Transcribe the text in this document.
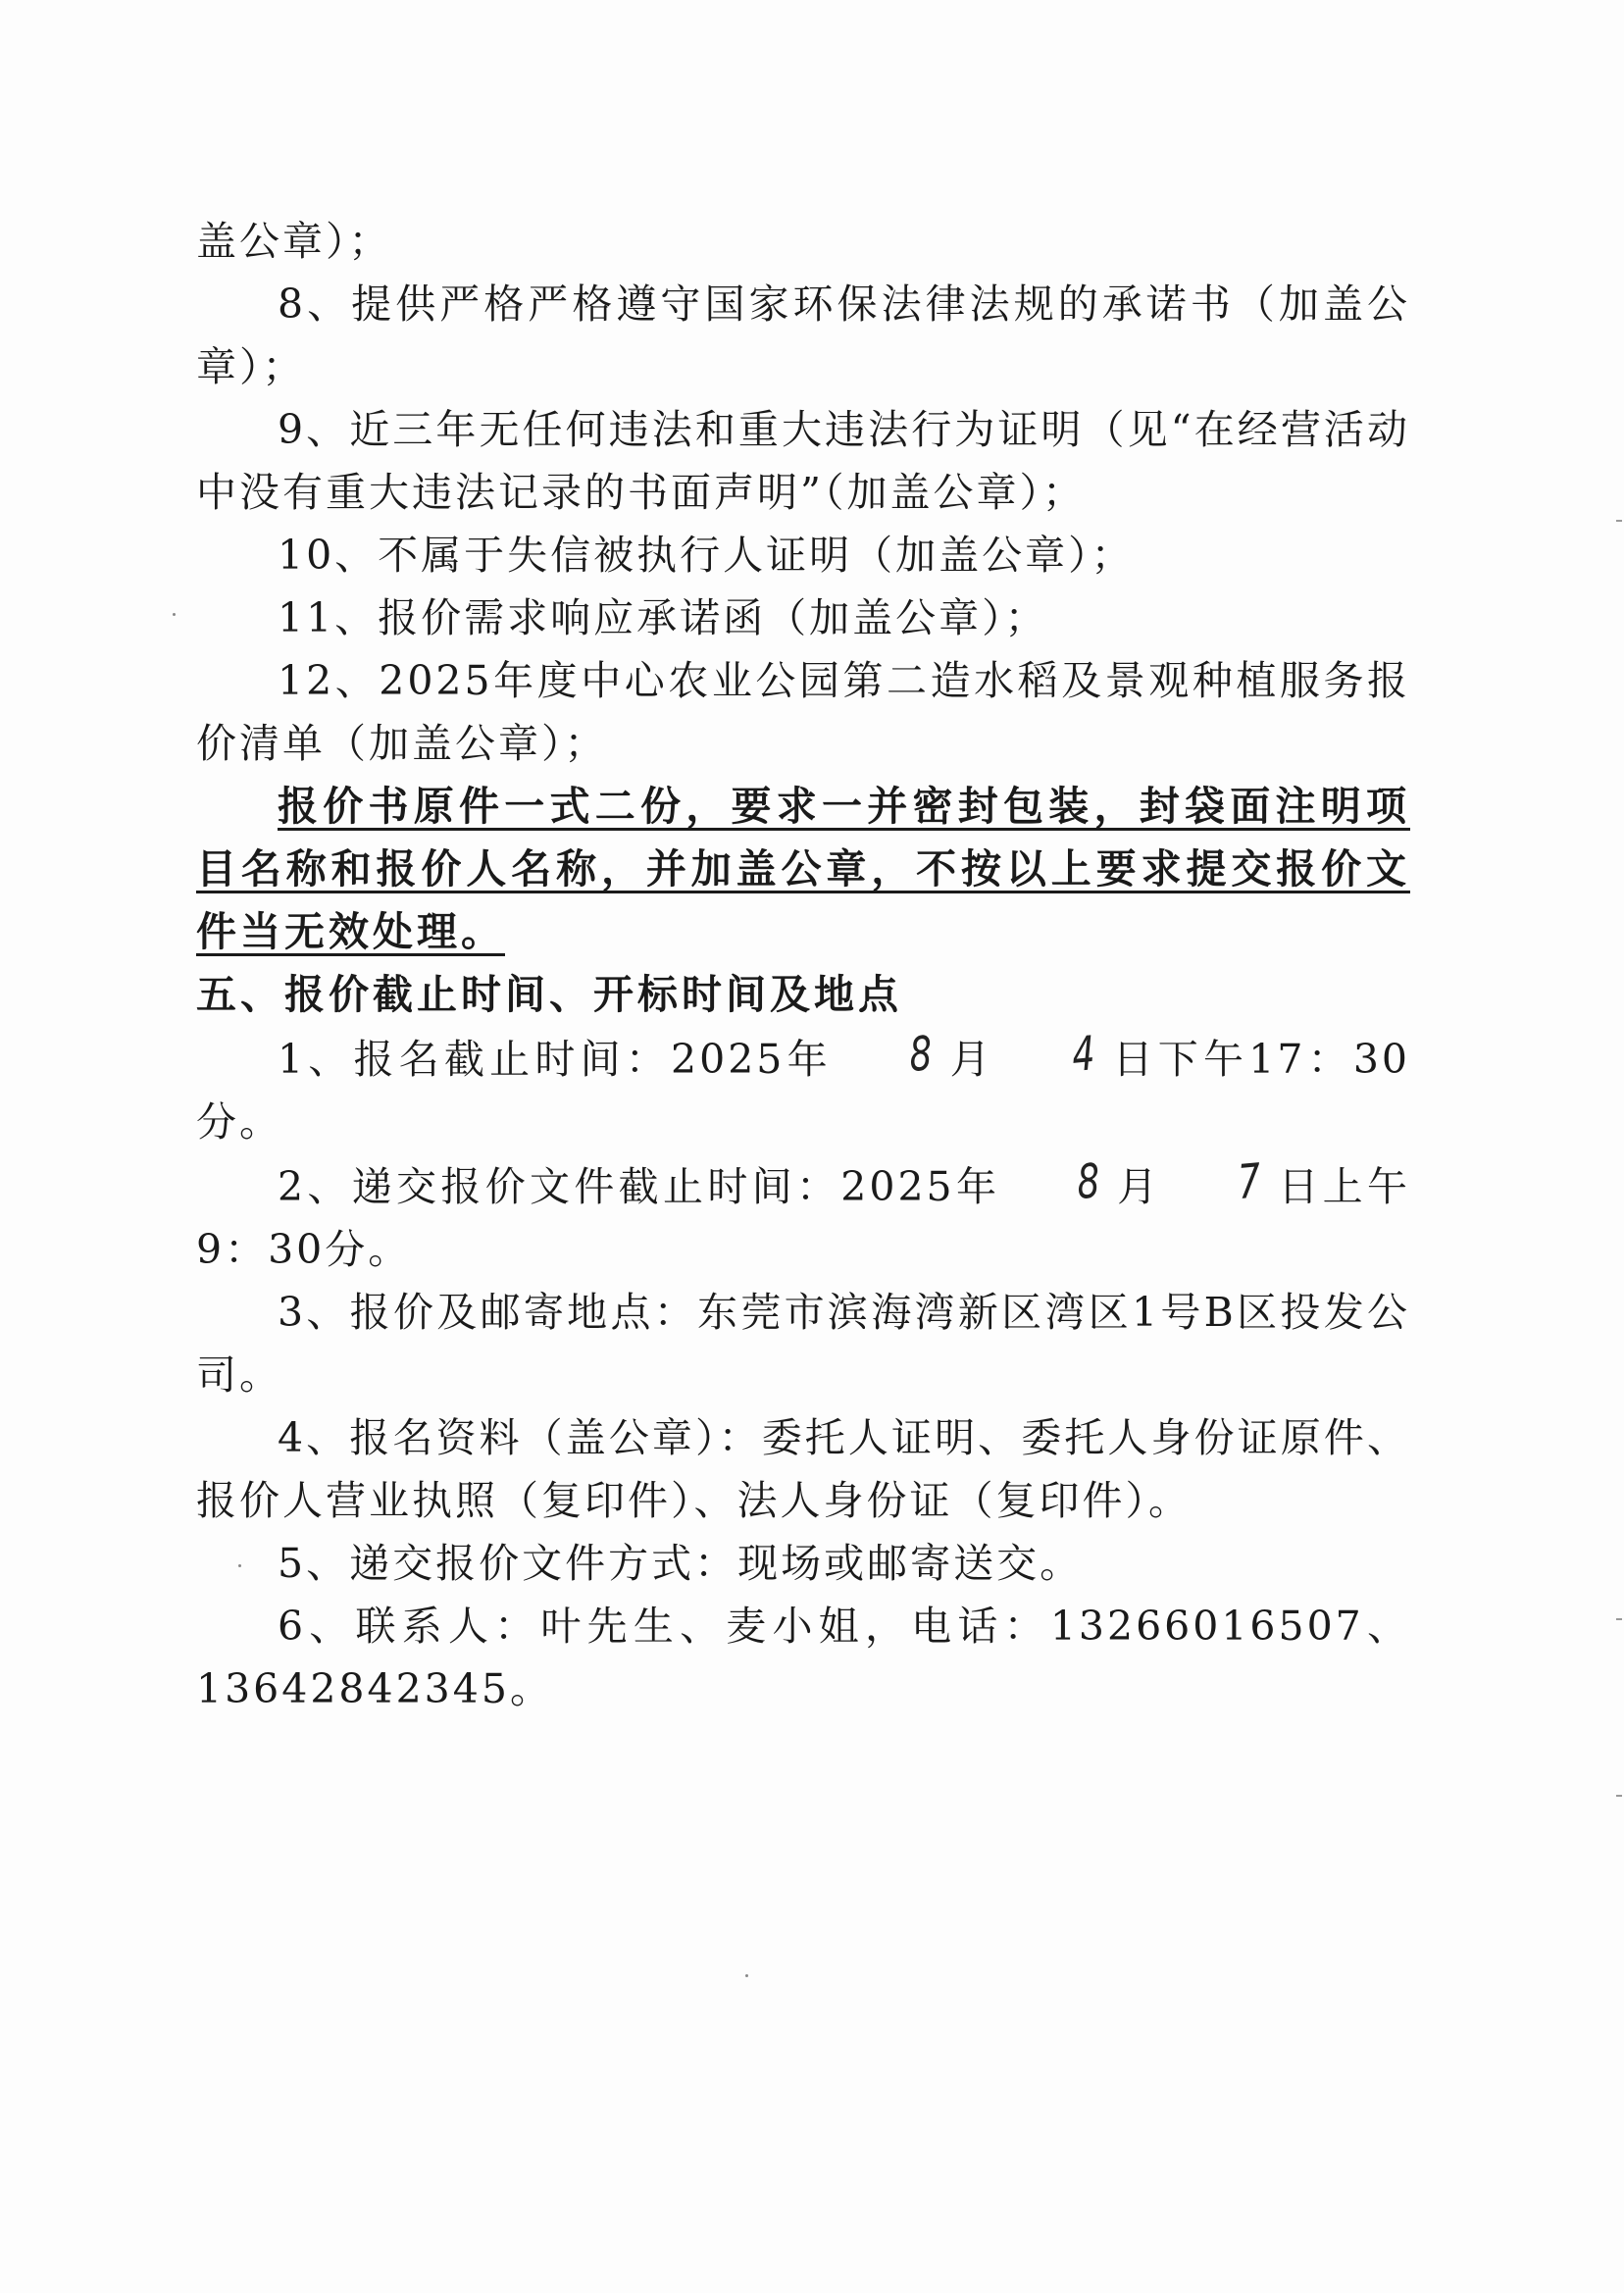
盖公章）；

8、提供严格严格遵守国家环保法律法规的承诺书（加盖公章）；

9、近三年无任何违法和重大违法行为证明（见“在经营活动中没有重大违法记录的书面声明”（加盖公章）；

10、不属于失信被执行人证明（加盖公章）；

11、报价需求响应承诺函（加盖公章）；

12、2025年度中心农业公园第二造水稻及景观种植服务报价清单（加盖公章）；

报价书原件一式二份，要求一并密封包装，封袋面注明项目名称和报价人名称，并加盖公章，不按以上要求提交报价文件当无效处理。

五、报价截止时间、开标时间及地点

1、报名截止时间：2025年 8 月 4 日下午17：30分。

2、递交报价文件截止时间：2025年 8 月 7 日上午9：30分。

3、报价及邮寄地点：东莞市滨海湾新区湾区1号B区投发公司。

4、报名资料（盖公章）：委托人证明、委托人身份证原件、报价人营业执照（复印件）、法人身份证（复印件）。

5、递交报价文件方式：现场或邮寄送交。

6、联系人：叶先生、麦小姐，电话：13266016507、13642842345。
